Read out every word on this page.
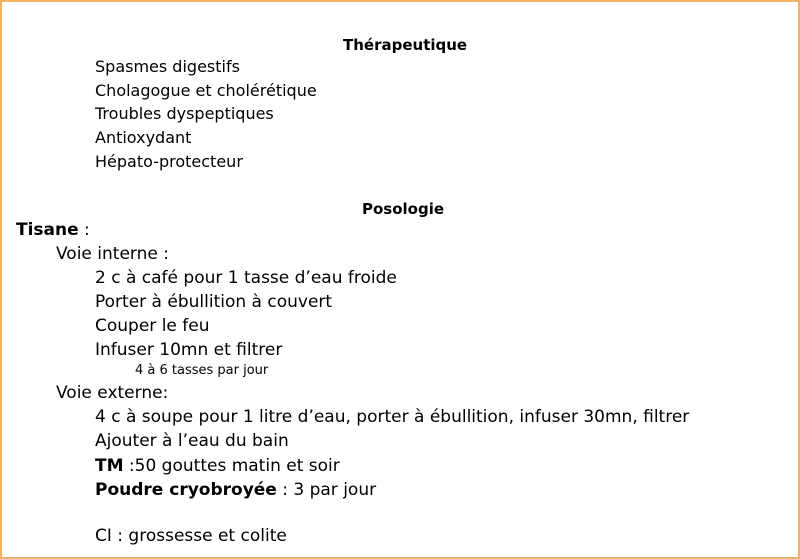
Thérapeutique
Spasmes digestifs
Cholagogue et cholérétique
Troubles dyspeptiques
Antioxydant
Hépato-protecteur
Posologie
Tisane :
Voie interne :
2 c à café pour 1 tasse d’eau froide
Porter à ébullition à couvert
Couper le feu
Infuser 10mn et filtrer
4 à 6 tasses par jour
Voie externe:
4 c à soupe pour 1 litre d’eau, porter à ébullition, infuser 30mn, filtrer
Ajouter à l’eau du bain
TM :50 gouttes matin et soir
Poudre cryobroyée : 3 par jour
CI : grossesse et colite
